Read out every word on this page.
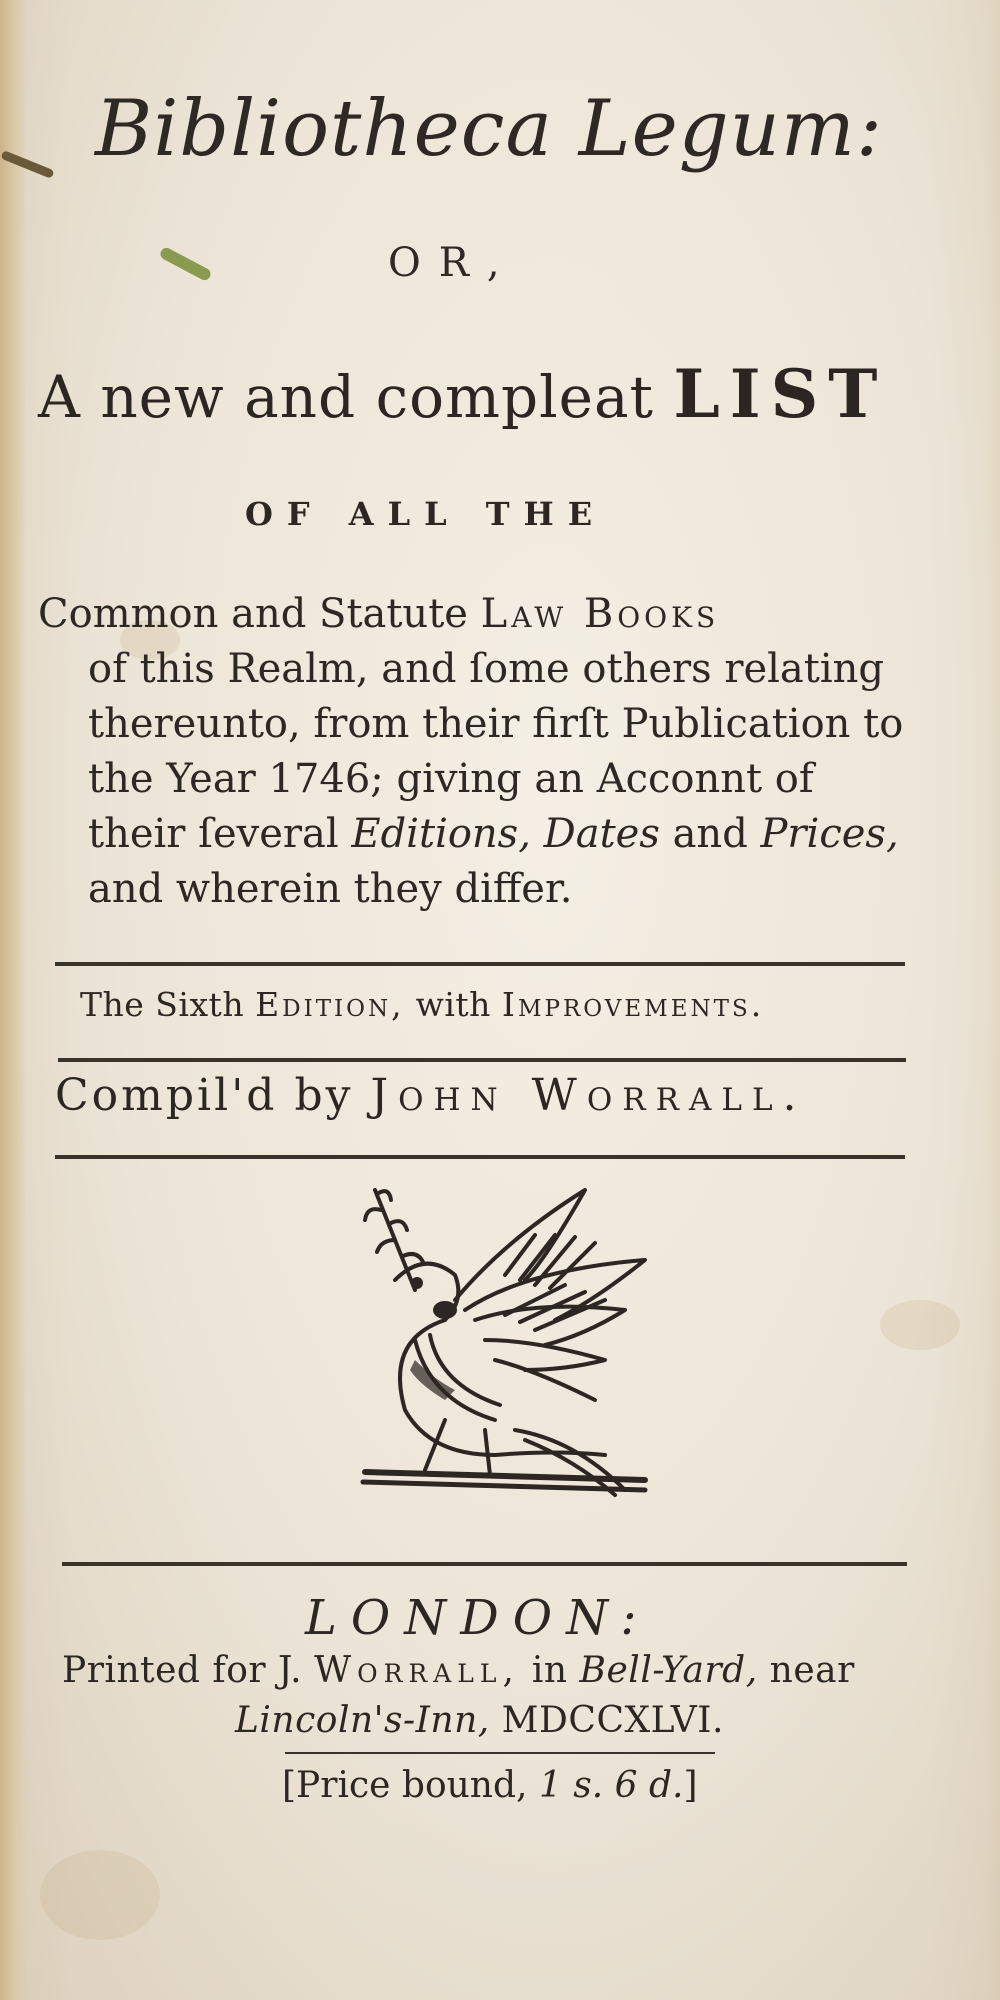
Bibliotheca Legum:
OR,
A new and compleat LIST
OF ALL THE
Common and Statute Law Books
of this Realm, and ſome others relating
thereunto, from their firſt Publication to
the Year 1746; giving an Acconnt of
their ſeveral Editions, Dates and Prices,
and wherein they differ.
The Sixth Edition, with Improvements.
Compil'd by John Worrall.
LONDON:
Printed for J. Worrall, in Bell-Yard, near
Lincoln's-Inn, MDCCXLVI.
[Price bound, 1 s. 6 d.]
